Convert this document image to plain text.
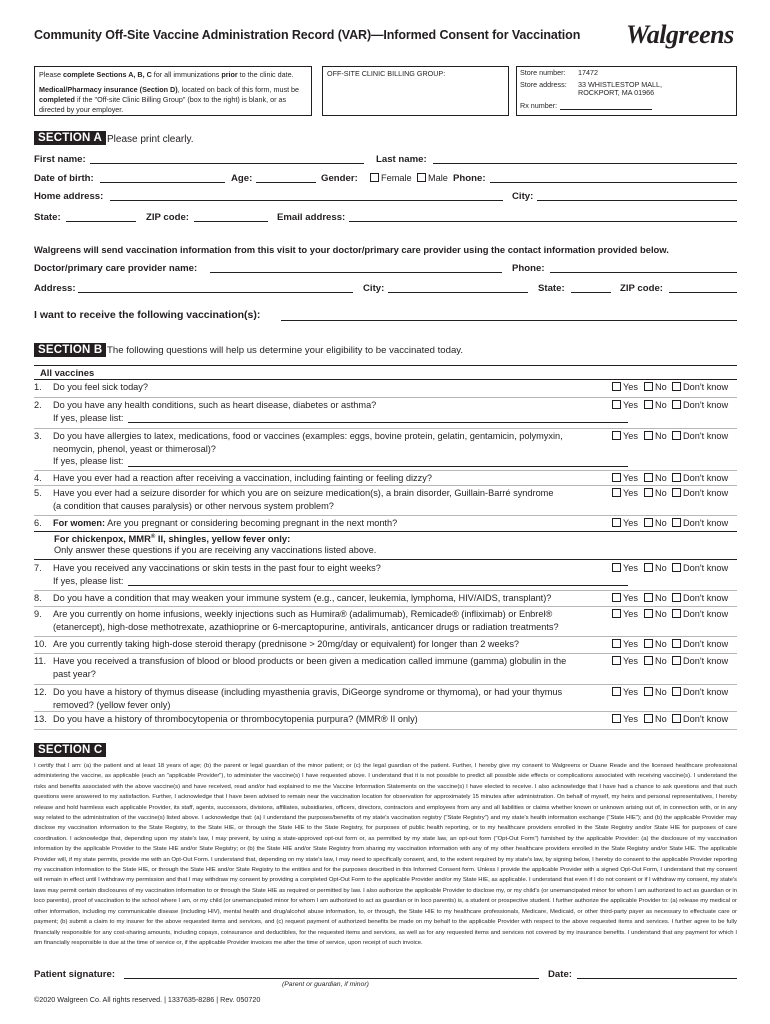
Community Off-Site Vaccine Administration Record (VAR)—Informed Consent for Vaccination Walgreens
Please complete Sections A, B, C for all immunizations prior to the clinic date.
Medical/Pharmacy insurance (Section D), located on back of this form, must be completed if the "Off-site Clinic Billing Group" (box to the right) is blank, or as directed by your employer.
OFF-SITE CLINIC BILLING GROUP:	Store number: 17472
Store address: 33 WHISTLESTOP MALL,
ROCKPORT, MA 01966
Rx number:
SECTION A Please print clearly.
First name:	Last name:
Date of birth:	Age:	Gender:	Female	Male Phone:
Home address:	City:
State:	ZIP code:	Email address:
Walgreens will send vaccination information from this visit to your doctor/primary care provider using the contact information provided below.
Doctor/primary care provider name:	Phone:
Address:	City:	State:	ZIP code:
I want to receive the following vaccination(s):
SECTION B The following questions will help us determine your eligibility to be vaccinated today.
All vaccines
1. Do you feel sick today?	Yes	No	Don't know
2. Do you have any health conditions, such as heart disease, diabetes or asthma?
If yes, please list:
Yes	No	Don't know
3. Do you have allergies to latex, medications, food or vaccines (examples: eggs, bovine protein, gelatin, gentamicin, polymyxin,
neomycin, phenol, yeast or thimerosal)?
If yes, please list:
Yes	No	Don't know
4. Have you ever had a reaction after receiving a vaccination, including fainting or feeling dizzy?	Yes	No	Don't know
5. Have you ever had a seizure disorder for which you are on seizure medication(s), a brain disorder, Guillain-Barré syndrome
(a condition that causes paralysis) or other nervous system problem?
Yes	No	Don't know
6. For women: Are you pregnant or considering becoming pregnant in the next month?	Yes	No	Don't know
7. Have you received any vaccinations or skin tests in the past four to eight weeks?
If yes, please list:
Yes	No	Don't know
8. Do you have a condition that may weaken your immune system (e.g., cancer, leukemia, lymphoma, HIV/AIDS, transplant)?	Yes	No	Don't know
9. Are you currently on home infusions, weekly injections such as Humira® (adalimumab), Remicade® (infliximab) or Enbrel®
(etanercept), high-dose methotrexate, azathioprine or 6-mercaptopurine, antivirals, anticancer drugs or radiation treatments?
Yes	No	Don't know
10. Are you currently taking high-dose steroid therapy (prednisone > 20mg/day or equivalent) for longer than 2 weeks?	Yes	No	Don't know
11. Have you received a transfusion of blood or blood products or been given a medication called immune (gamma) globulin in the
past year?
Yes	No	Don't know
12. Do you have a history of thymus disease (including myasthenia gravis, DiGeorge syndrome or thymoma), or had your thymus
removed? (yellow fever only)
Yes	No	Don't know
13. Do you have a history of thrombocytopenia or thrombocytopenia purpura? (MMR® II only)	Yes	No	Don't know
For chickenpox, MMR® II, shingles, yellow fever only:
Only answer these questions if you are receiving any vaccinations listed above.
SECTION C
I certify that I am: (a) the patient and at least 18 years of age; (b) the parent or legal guardian of the minor patient; or (c) the legal guardian of the patient. Further, I hereby give my consent to Walgreens or Duane Reade and the licensed healthcare professional administering the vaccine, as applicable (each an "applicable Provider"), to administer the vaccine(s) I have requested above. I understand that it is not possible to predict all possible side effects or complications associated with receiving vaccine(s). I understand the risks and benefits associated with the above vaccine(s) and have received, read and/or had explained to me the Vaccine Information Statements on the vaccine(s) I have elected to receive. I also acknowledge that I have had a chance to ask questions and that such questions were answered to my satisfaction. Further, I acknowledge that I have been advised to remain near the vaccination location for observation for approximately 15 minutes after administration. On behalf of myself, my heirs and personal representatives, I hereby release and hold harmless each applicable Provider, its staff, agents, successors, divisions, affiliates, subsidiaries, officers, directors, contractors and employees from any and all liabilities or claims whether known or unknown arising out of, in connection with, or in any way related to the administration of the vaccine(s) listed above. I acknowledge that: (a) I understand the purposes/benefits of my state's vaccination registry ("State Registry") and my state's health information exchange ("State HIE"); and (b) the applicable Provider may disclose my vaccination information to the State Registry, to the State HIE, or through the State HIE to the State Registry, for purposes of public health reporting, or to my healthcare providers enrolled in the State Registry and/or State HIE for purposes of care coordination. I acknowledge that, depending upon my state's law, I may prevent, by using a state-approved opt-out form or, as permitted by my state law, an opt-out form ("Opt-Out Form") furnished by the applicable Provider: (a) the disclosure of my vaccination information by the applicable Provider to the State HIE and/or State Registry; or (b) the State HIE and/or State Registry from sharing my vaccination information with any of my other healthcare providers enrolled in the State Registry and/or State HIE. The applicable Provider will, if my state permits, provide me with an Opt-Out Form. I understand that, depending on my state's law, I may need to specifically consent, and, to the extent required by my state's law, by signing below, I hereby do consent to the applicable Provider reporting my vaccination information to the State HIE, or through the State HIE and/or State Registry to the entities and for the purposes described in this Informed Consent form. Unless I provide the applicable Provider with a signed Opt-Out Form, I understand that my consent will remain in effect until I withdraw my permission and that I may withdraw my consent by providing a completed Opt-Out Form to the applicable Provider and/or my State HIE, as applicable. I understand that even if I do not consent or if I withdraw my consent, my state's laws may permit certain disclosures of my vaccination information to or through the State HIE as required or permitted by law. I also authorize the applicable Provider to disclose my, or my child's (or unemancipated minor for whom I am authorized to act as guardian or in loco parentis), proof of vaccination to the school where I am, or my child (or unemancipated minor for whom I am authorized to act as guardian or in loco parentis) is, a student or prospective student. I further authorize the applicable Provider to: (a) release my medical or other information, including my communicable disease (including HIV), mental health and drug/alcohol abuse information, to, or through, the State HIE to my healthcare professionals, Medicare, Medicaid, or other third-party payer as necessary to effectuate care or payment; (b) submit a claim to my insurer for the above requested items and services, and (c) request payment of authorized benefits be made on my behalf to the applicable Provider with respect to the above requested items and services. I further agree to be fully financially responsible for any cost-sharing amounts, including copays, coinsurance and deductibles, for the requested items and services, as well as for any requested items and services not covered by my insurance benefits. I understand that any payment for which I am financially responsible is due at the time of service or, if the applicable Provider invoices me after the time of service, upon receipt of such invoice.
Patient signature:
(Parent or guardian, if minor)
Date:
©2020 Walgreen Co. All rights reserved. | 1337635-8286 | Rev. 050720
